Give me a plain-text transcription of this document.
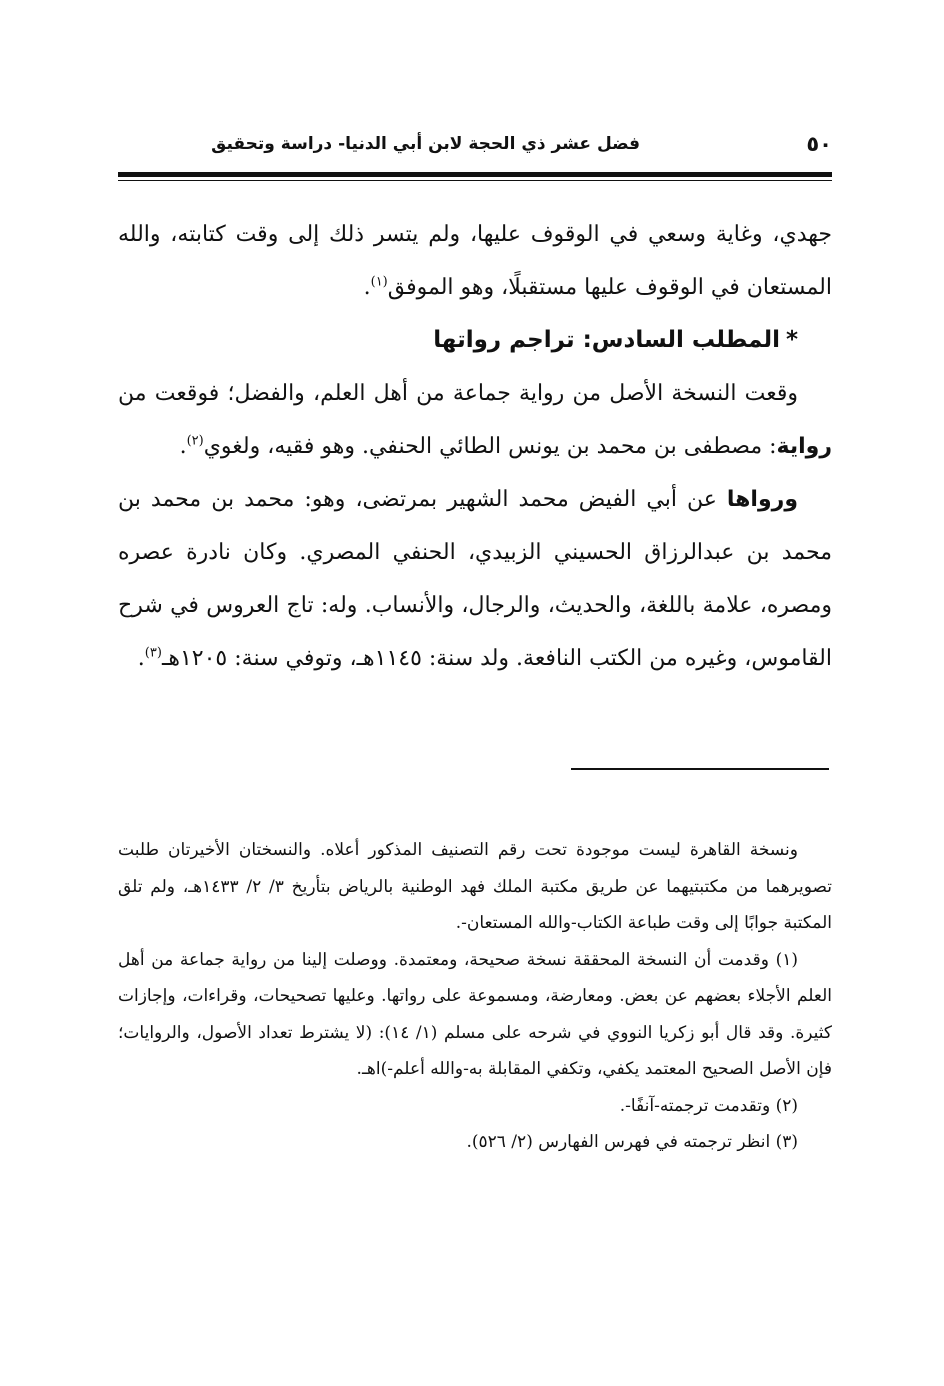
٥٠
فضل عشر ذي الحجة لابن أبي الدنيا- دراسة وتحقيق

جهدي، وغاية وسعي في الوقوف عليها، ولم يتسر ذلك إلى وقت كتابته، والله المستعان في الوقوف عليها مستقبلًا، وهو الموفق$^{(١)}$.

*المطلب السادس: تراجم رواتها

وقعت النسخة الأصل من رواية جماعة من أهل العلم، والفضل؛ فوقعت من رواية: مصطفى بن محمد بن يونس الطائي الحنفي. وهو فقيه، ولغوي$^{(٢)}$.

ورواها عن أبي الفيض محمد الشهير بمرتضى، وهو: محمد بن محمد بن محمد بن عبدالرزاق الحسيني الزبيدي، الحنفي المصري. وكان نادرة عصره ومصره، علامة باللغة، والحديث، والرجال، والأنساب. وله: تاج العروس في شرح القاموس، وغيره من الكتب النافعة. ولد سنة: ١١٤٥هـ، وتوفي سنة: ١٢٠٥هـ$^{(٣)}$.

ونسخة القاهرة ليست موجودة تحت رقم التصنيف المذكور أعلاه. والنسختان الأخيرتان طلبت تصويرهما من مكتبتيهما عن طريق مكتبة الملك فهد الوطنية بالرياض بتأريخ ٣/ ٢/ ١٤٣٣هـ، ولم تلق المكتبة جوابًا إلى وقت طباعة الكتاب-والله المستعان-.

(١) وقدمت أن النسخة المحققة نسخة صحيحة، ومعتمدة. ووصلت إلينا من رواية جماعة من أهل العلم الأجلاء بعضهم عن بعض. ومعارضة، ومسموعة على رواتها. وعليها تصحيحات، وقراءات، وإجازات كثيرة. وقد قال أبو زكريا النووي في شرحه على مسلم (١/ ١٤): (لا يشترط تعداد الأصول، والروايات؛ فإن الأصل الصحيح المعتمد يكفي، وتكفي المقابلة به-والله أعلم-)اهـ.

(٢) وتقدمت ترجمته-آنفًا-.

(٣) انظر ترجمته في فهرس الفهارس (٢/ ٥٢٦).
